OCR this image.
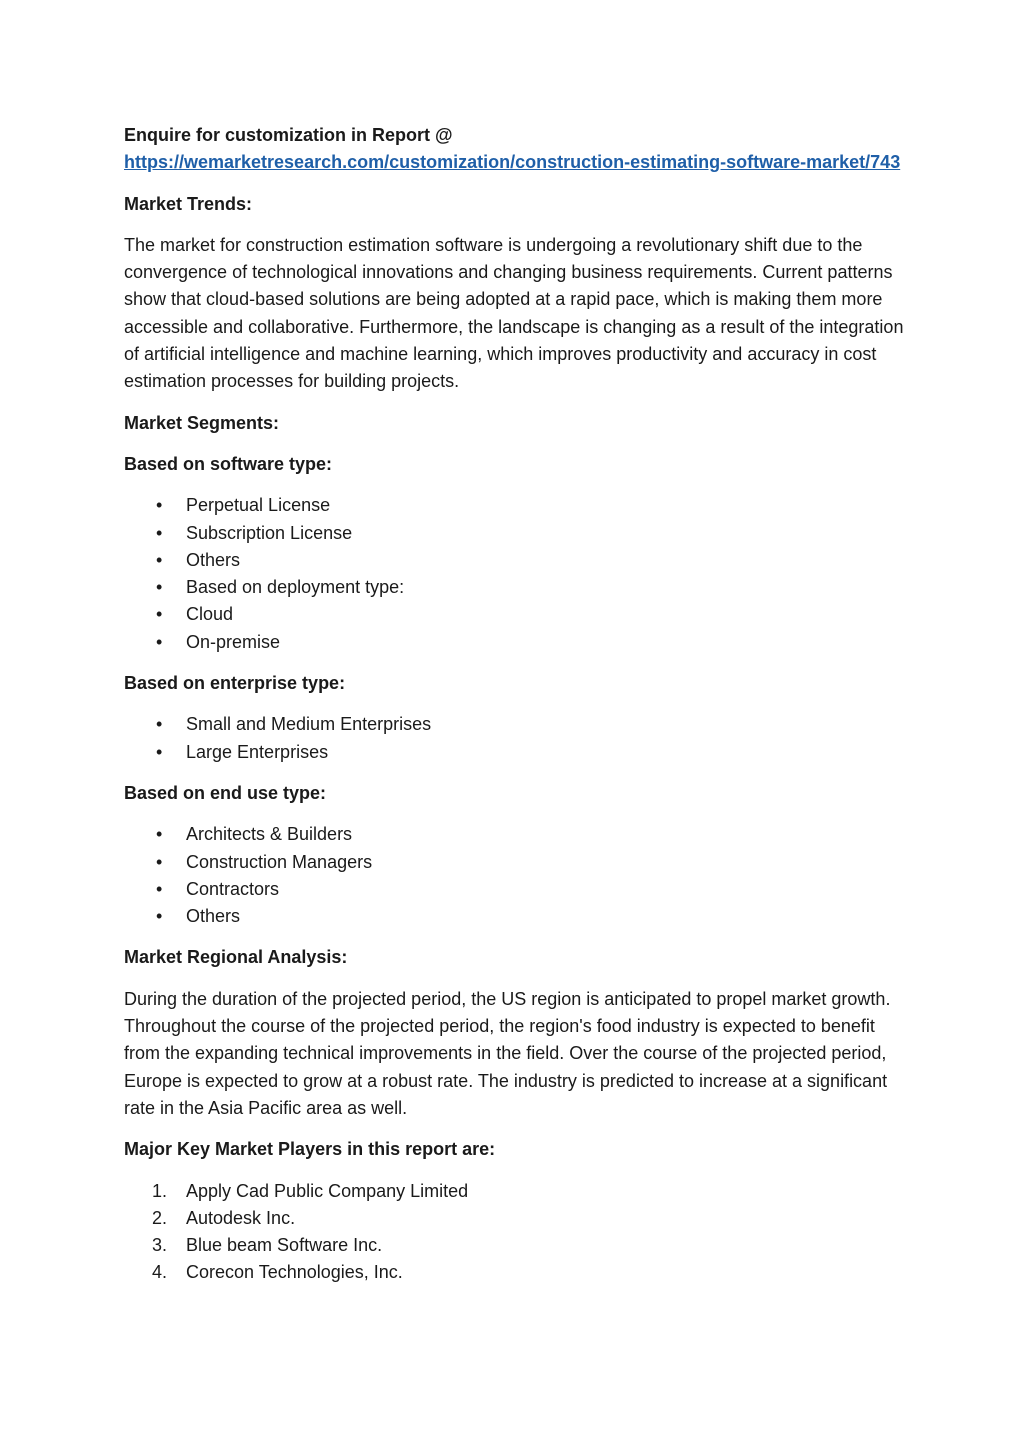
Enquire for customization in Report @
https://wemarketresearch.com/customization/construction-estimating-software-market/743
Market Trends:

The market for construction estimation software is undergoing a revolutionary shift due to the convergence of technological innovations and changing business requirements. Current patterns show that cloud-based solutions are being adopted at a rapid pace, which is making them more accessible and collaborative. Furthermore, the landscape is changing as a result of the integration of artificial intelligence and machine learning, which improves productivity and accuracy in cost estimation processes for building projects.

Market Segments:
Based on software type:
•	Perpetual License
•	Subscription License
•	Others
•	Based on deployment type:
•	Cloud
•	On-premise
Based on enterprise type:
•	Small and Medium Enterprises
•	Large Enterprises
Based on end use type:
•	Architects & Builders
•	Construction Managers
•	Contractors
•	Others
Market Regional Analysis:

During the duration of the projected period, the US region is anticipated to propel market growth. Throughout the course of the projected period, the region's food industry is expected to benefit from the expanding technical improvements in the field. Over the course of the projected period, Europe is expected to grow at a robust rate. The industry is predicted to increase at a significant rate in the Asia Pacific area as well.

Major Key Market Players in this report are:
1.	Apply Cad Public Company Limited
2.	Autodesk Inc.
3.	Blue beam Software Inc.
4.	Corecon Technologies, Inc.
